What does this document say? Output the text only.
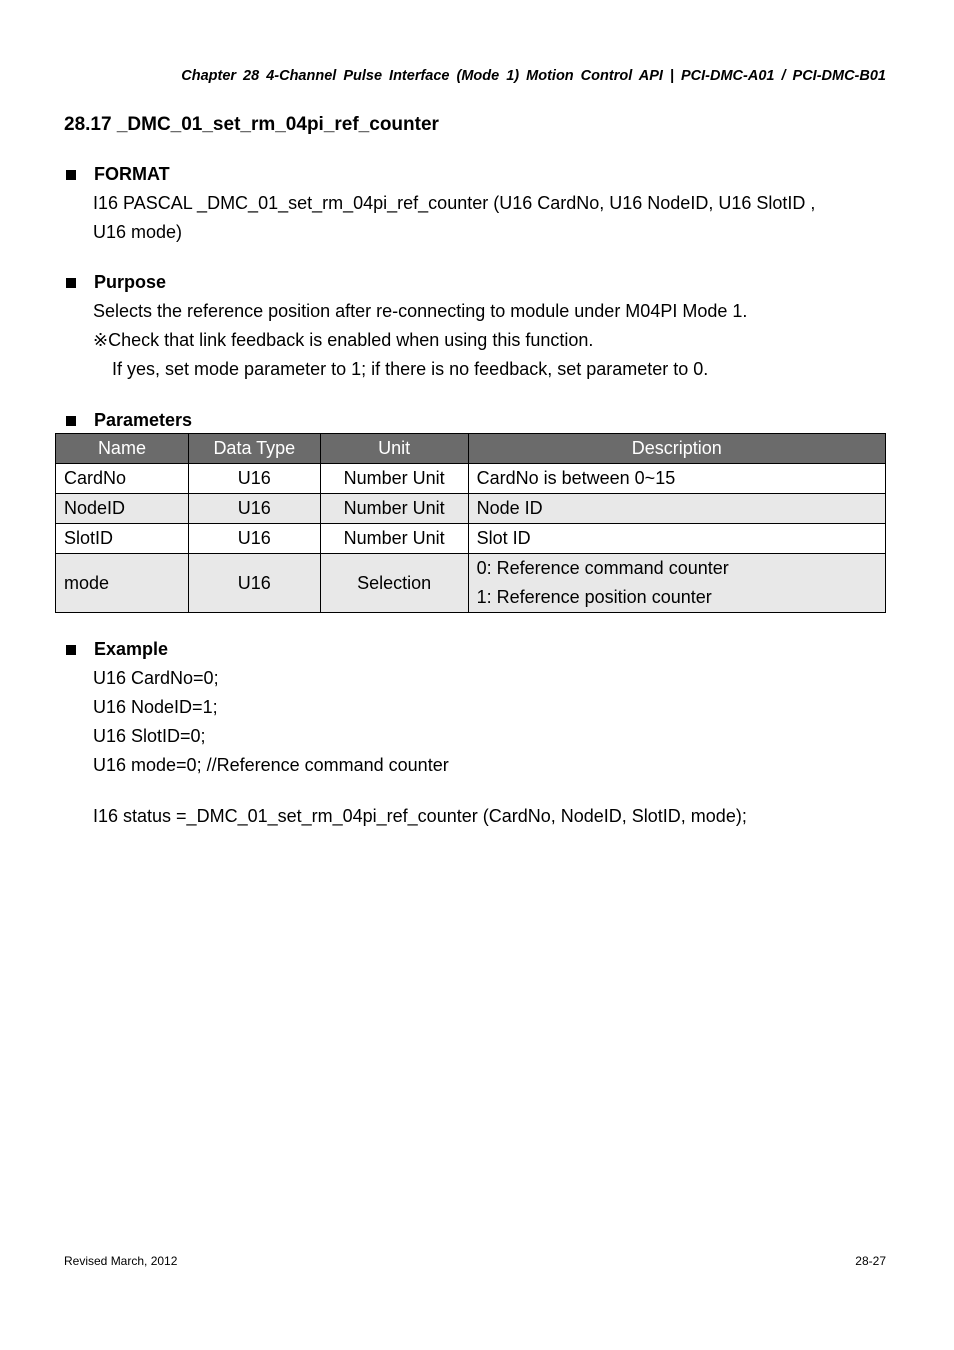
Chapter 28 4-Channel Pulse Interface (Mode 1) Motion Control API | PCI-DMC-A01 / PCI-DMC-B01
28.17 _DMC_01_set_rm_04pi_ref_counter
FORMAT
I16 PASCAL _DMC_01_set_rm_04pi_ref_counter (U16 CardNo, U16 NodeID, U16 SlotID ,
U16 mode)
Purpose
Selects the reference position after re-connecting to module under M04PI Mode 1.
※Check that link feedback is enabled when using this function.
If yes, set mode parameter to 1; if there is no feedback, set parameter to 0.
Parameters
Name	Data Type	Unit	Description
CardNo	U16	Number Unit	CardNo is between 0~15
NodeID	U16	Number Unit	Node ID
SlotID	U16	Number Unit	Slot ID
mode	U16	Selection	0: Reference command counter
1: Reference position counter
Example
U16 CardNo=0;
U16 NodeID=1;
U16 SlotID=0;
U16 mode=0; //Reference command counter
I16 status =_DMC_01_set_rm_04pi_ref_counter (CardNo, NodeID, SlotID, mode);
Revised March, 2012	28-27
